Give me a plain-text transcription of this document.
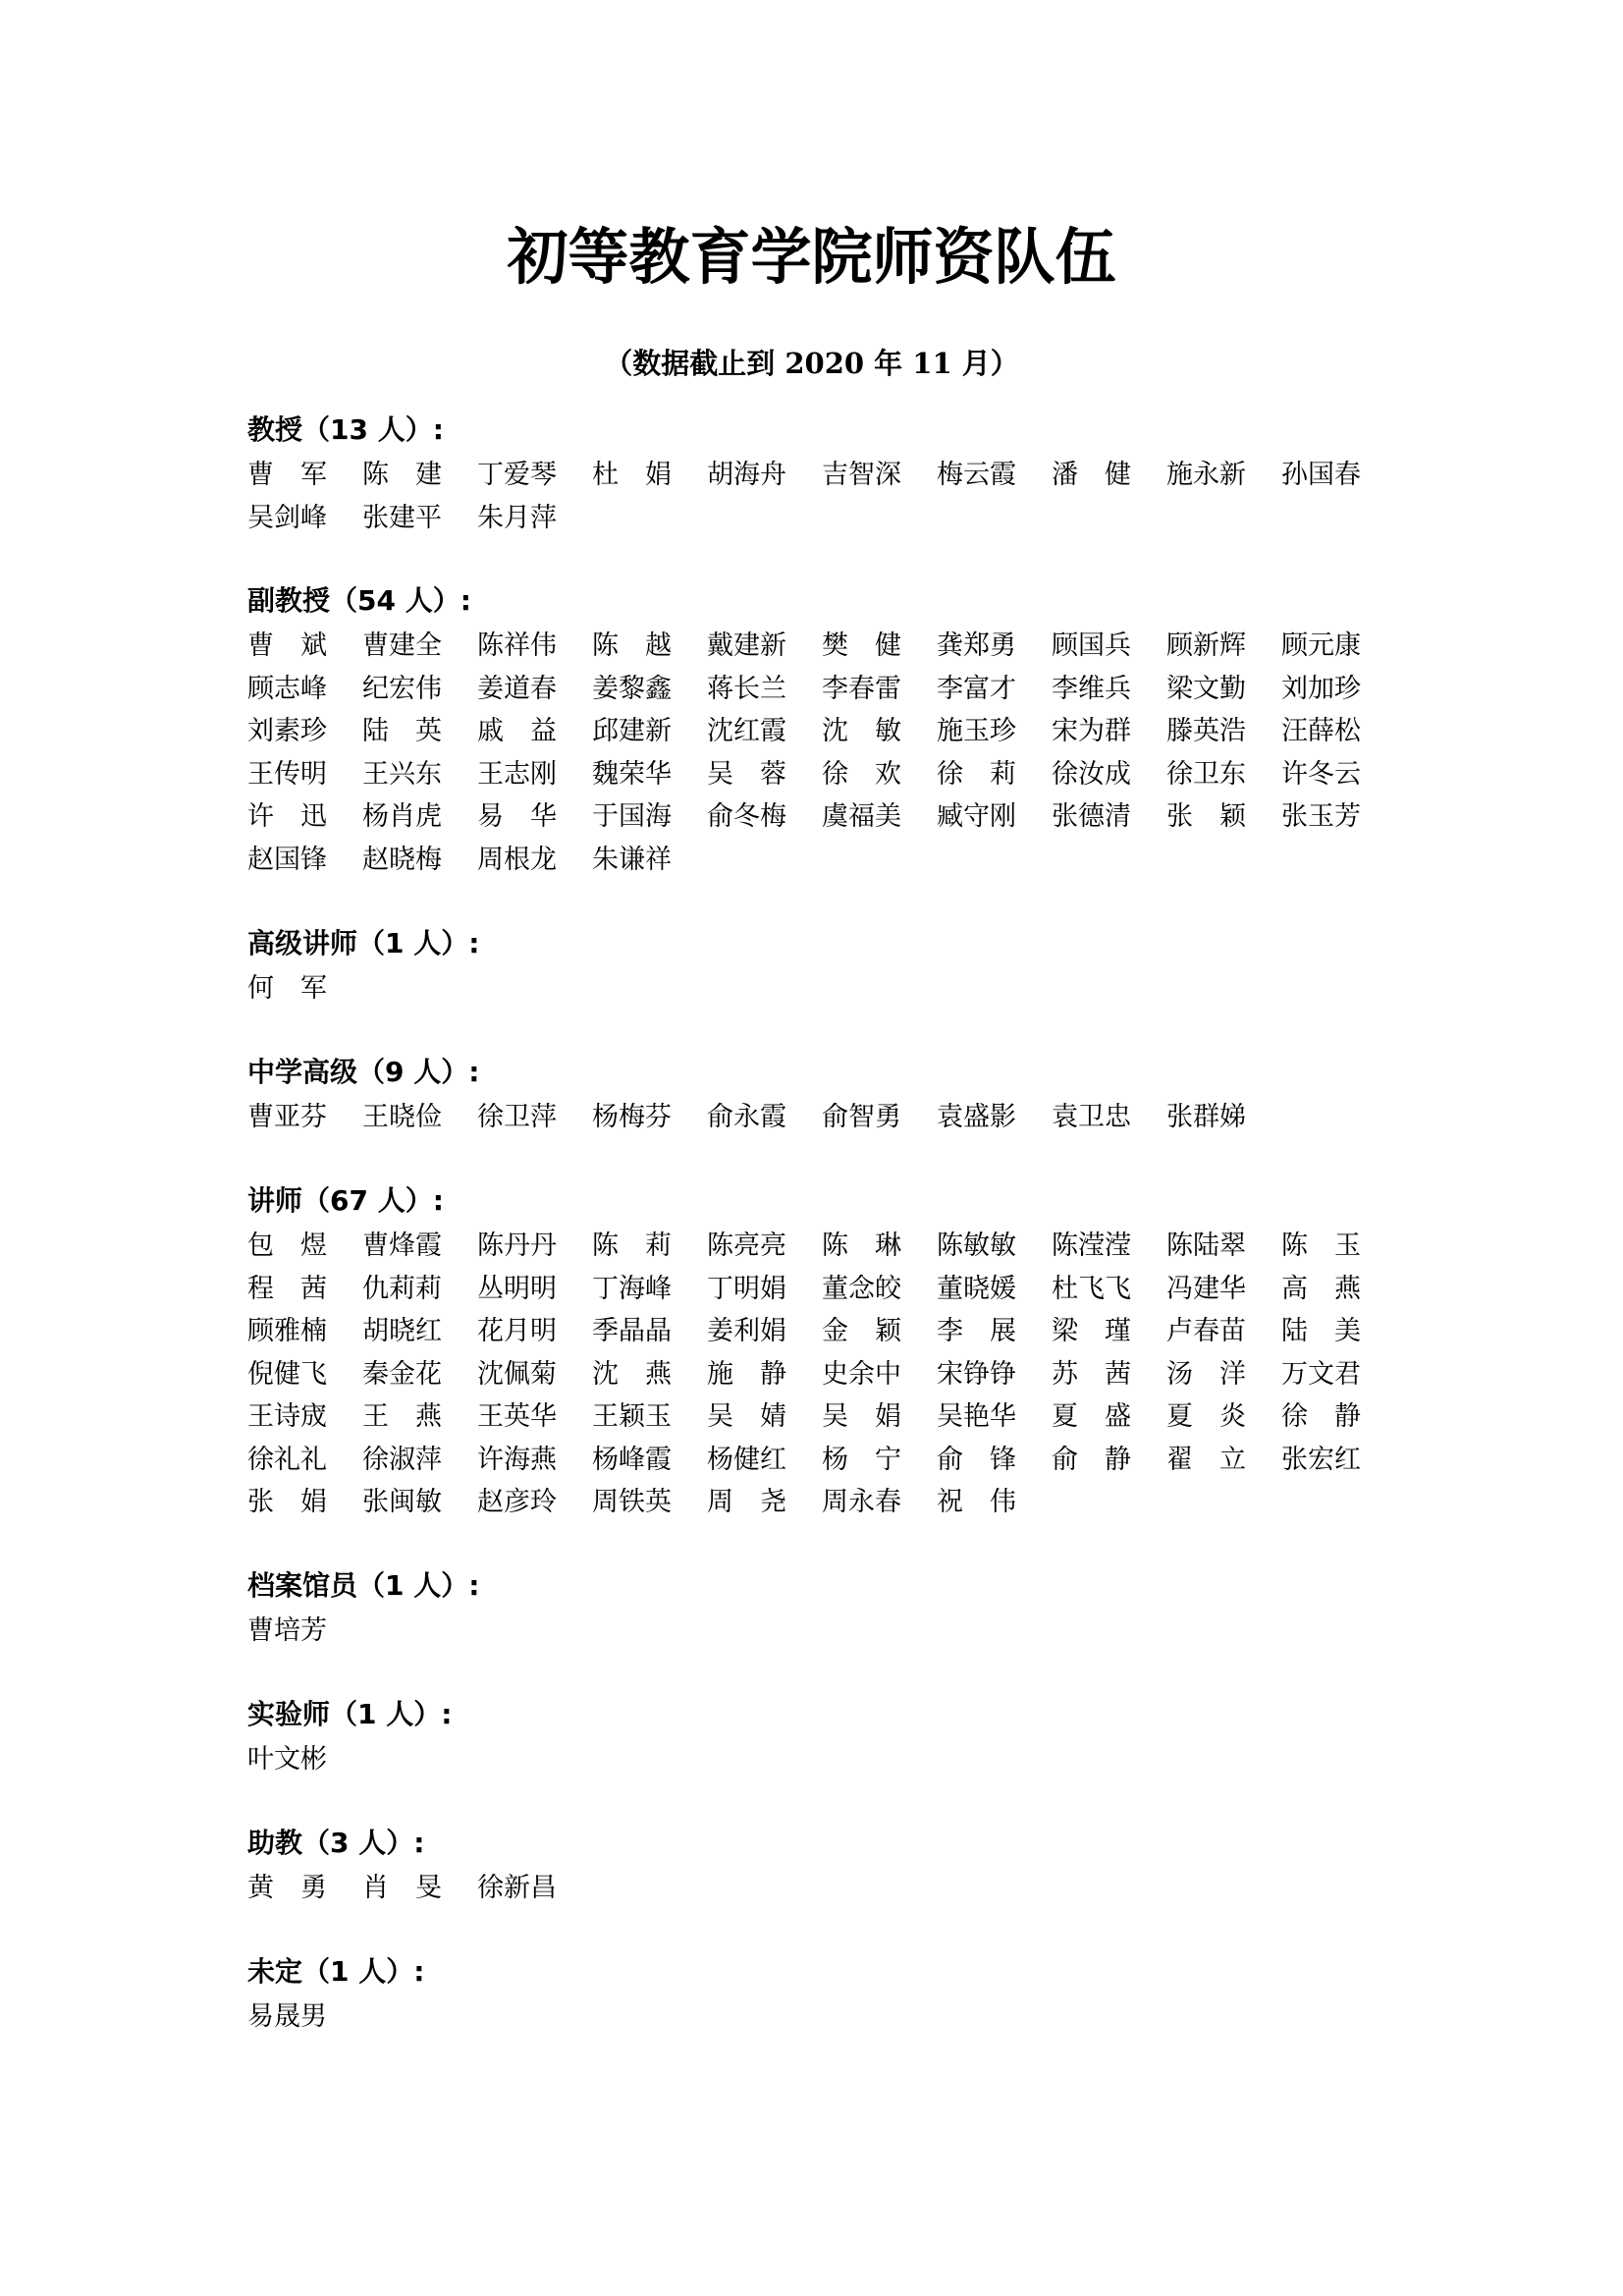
初等教育学院师资队伍
（数据截止到 2020 年 11 月）
教授（13 人）:
曹军 陈建 丁爱琴	杜娟 胡海舟	吉智深	梅云霞	潘健 施永新	孙国春
吴剑峰	张建平	朱月萍
副教授（54 人）:
曹斌 曹建全	陈祥伟	陈越 戴建新	樊健 龚郑勇	顾国兵	顾新辉	顾元康
顾志峰	纪宏伟	姜道春	姜黎鑫	蒋长兰	李春雷	李富才	李维兵	梁文勤	刘加珍
刘素珍	陆英 戚益 邱建新	沈红霞	沈敏 施玉珍	宋为群	滕英浩	汪薛松
王传明	王兴东	王志刚	魏荣华	吴蓉 徐欢 徐莉 徐汝成	徐卫东	许冬云
许迅 杨肖虎	易华 于国海	俞冬梅	虞福美	臧守刚	张德清	张颖 张玉芳
赵国锋	赵晓梅	周根龙	朱谦祥
高级讲师（1 人）:
何军
中学高级（9 人）:
曹亚芬	王晓俭	徐卫萍	杨梅芬	俞永霞	俞智勇	袁盛影	袁卫忠	张群娣
讲师（67 人）:
包煜 曹烽霞	陈丹丹	陈莉 陈亮亮	陈琳 陈敏敏	陈滢滢	陈陆翠	陈玉
程茜 仇莉莉	丛明明	丁海峰	丁明娟	董念皎	董晓媛	杜飞飞	冯建华	高燕
顾雅楠	胡晓红	花月明	季晶晶	姜利娟	金颖 李展 梁瑾 卢春苗	陆美
倪健飞	秦金花	沈佩菊	沈燕 施静 史余中	宋铮铮	苏茜 汤洋 万文君
王诗宬	王燕 王英华	王颖玉	吴婧 吴娟 吴艳华	夏盛 夏炎 徐静
徐礼礼	徐淑萍	许海燕	杨峰霞	杨健红	杨宁 俞锋 俞静 翟立 张宏红
张娟 张闽敏	赵彦玲	周铁英	周尧 周永春	祝伟
档案馆员（1 人）:
曹培芳
实验师（1 人）:
叶文彬
助教（3 人）:
黄勇 肖旻 徐新昌
未定（1 人）:
易晟男
